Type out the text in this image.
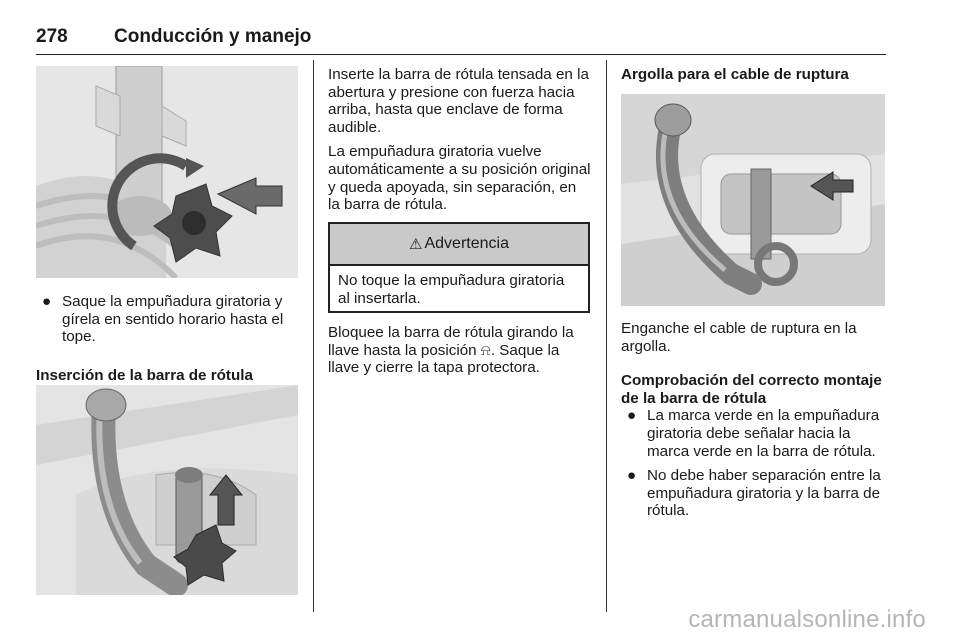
278 Conducción y manejo
● Saque la empuñadura giratoria y gírela en sentido horario hasta el tope.

Inserción de la barra de rótula

Inserte la barra de rótula tensada en la abertura y presione con fuerza hacia arriba, hasta que enclave de forma audible.

La empuñadura giratoria vuelve automáticamente a su posición original y queda apoyada, sin separación, en la barra de rótula.

⚠ Advertencia
No toque la empuñadura giratoria al insertarla.

Bloquee la barra de rótula girando la llave hasta la posición ⍾. Saque la llave y cierre la tapa protectora.

Argolla para el cable de ruptura

Enganche el cable de ruptura en la argolla.

Comprobación del correcto montaje de la barra de rótula

● La marca verde en la empuñadura giratoria debe señalar hacia la marca verde en la barra de rótula.
● No debe haber separación entre la empuñadura giratoria y la barra de rótula.
carmanualsonline.info
